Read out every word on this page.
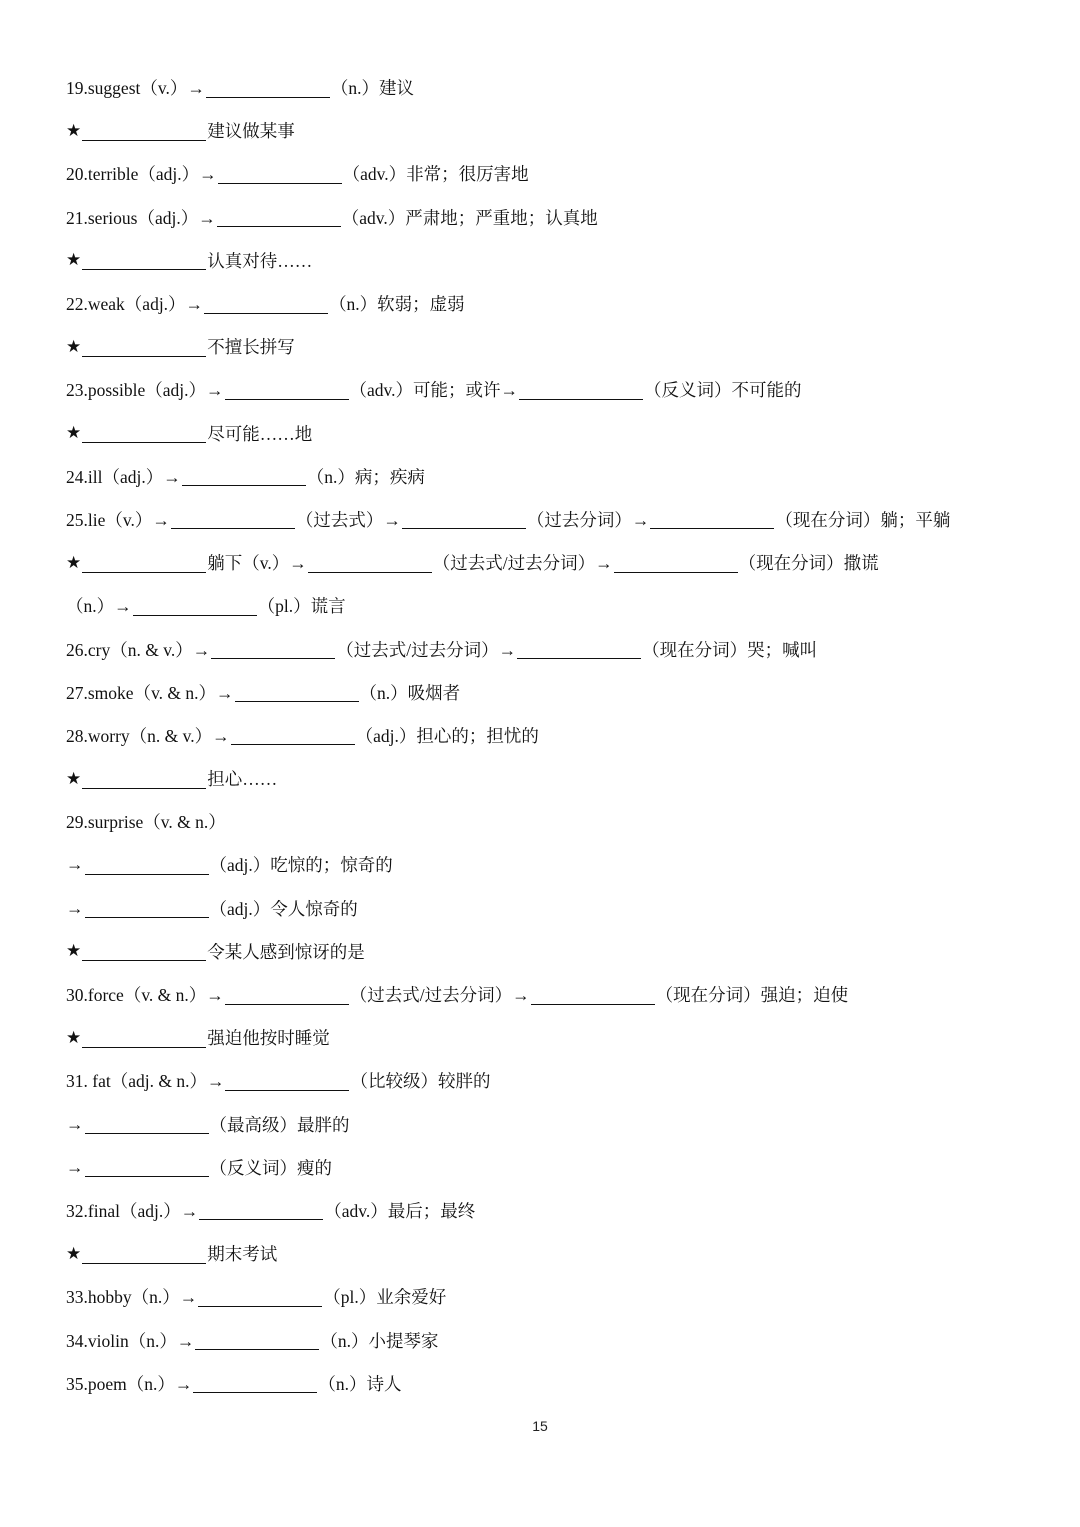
19.suggest（v.）→	（n.）建议
★	建议做某事
20.terrible（adj.）→	（adv.）非常；很厉害地
21.serious（adj.）→	（adv.）严肃地；严重地；认真地
★	认真对待……
22.weak（adj.）→	（n.）软弱；虚弱
★	不擅长拼写
23.possible（adj.）→	（adv.）可能；或许→	（反义词）不可能的
★	尽可能……地
24.ill（adj.）→	（n.）病；疾病
25.lie（v.）→	（过去式）→	（过去分词）→	（现在分词）躺；平躺
★	躺下（v.）→	（过去式/过去分词）→	（现在分词）撒谎
（n.）→	（pl.）谎言
26.cry（n. & v.）→	（过去式/过去分词）→	（现在分词）哭；喊叫
27.smoke（v. & n.）→	（n.）吸烟者
28.worry（n. & v.）→	（adj.）担心的；担忧的
★	担心……
29.surprise（v. & n.）
→	（adj.）吃惊的；惊奇的
→	（adj.）令人惊奇的
★	令某人感到惊讶的是
30.force（v. & n.）→	（过去式/过去分词）→	（现在分词）强迫；迫使
★	强迫他按时睡觉
31. fat（adj. & n.）→	（比较级）较胖的
→	（最高级）最胖的
→	（反义词）瘦的
32.final（adj.）→	（adv.）最后；最终
★	期末考试
33.hobby（n.）→	（pl.）业余爱好
34.violin（n.）→	（n.）小提琴家
35.poem（n.）→	（n.）诗人
15
